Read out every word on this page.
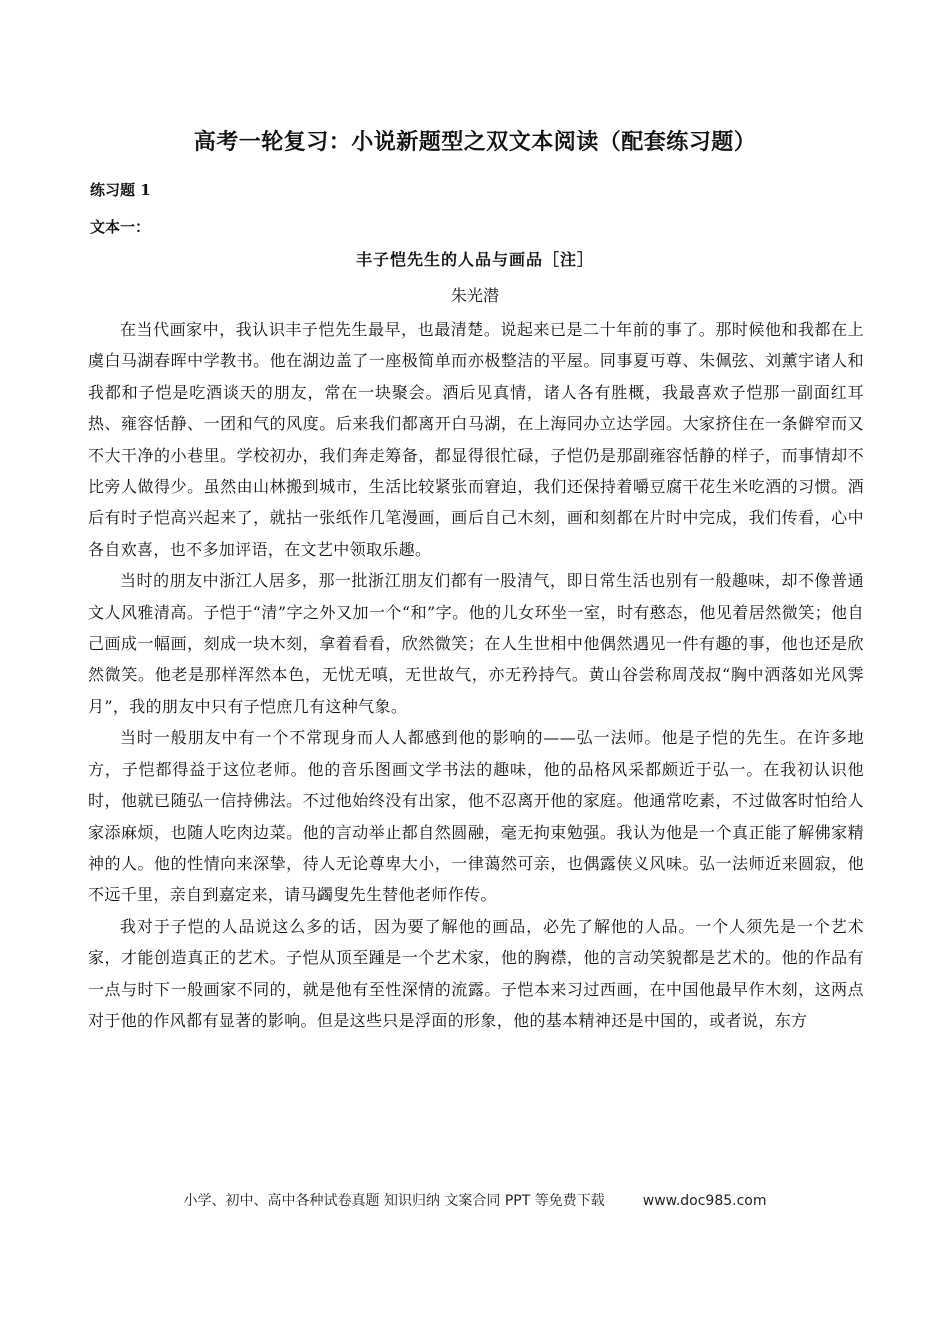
高考一轮复习：小说新题型之双文本阅读（配套练习题）
练习题 1
文本一：
丰子恺先生的人品与画品［注］
朱光潜

在当代画家中，我认识丰子恺先生最早，也最清楚。说起来已是二十年前的事了。那时候他和我都在上虞白马湖春晖中学教书。他在湖边盖了一座极简单而亦极整洁的平屋。同事夏丏尊、朱佩弦、刘薰宇诸人和我都和子恺是吃酒谈天的朋友，常在一块聚会。酒后见真情，诸人各有胜概，我最喜欢子恺那一副面红耳热、雍容恬静、一团和气的风度。后来我们都离开白马湖，在上海同办立达学园。大家挤住在一条僻窄而又不大干净的小巷里。学校初办，我们奔走筹备，都显得很忙碌，子恺仍是那副雍容恬静的样子，而事情却不比旁人做得少。虽然由山林搬到城市，生活比较紧张而窘迫，我们还保持着嚼豆腐干花生米吃酒的习惯。酒后有时子恺高兴起来了，就拈一张纸作几笔漫画，画后自己木刻，画和刻都在片时中完成，我们传看，心中各自欢喜，也不多加评语，在文艺中领取乐趣。

当时的朋友中浙江人居多，那一批浙江朋友们都有一股清气，即日常生活也别有一般趣味，却不像普通文人风雅清高。子恺于“清”字之外又加一个“和”字。他的儿女环坐一室，时有憨态，他见着居然微笑；他自己画成一幅画，刻成一块木刻，拿着看看，欣然微笑；在人生世相中他偶然遇见一件有趣的事，他也还是欣然微笑。他老是那样浑然本色，无忧无嗔，无世故气，亦无矜持气。黄山谷尝称周茂叔“胸中洒落如光风霁月”，我的朋友中只有子恺庶几有这种气象。

当时一般朋友中有一个不常现身而人人都感到他的影响的——弘一法师。他是子恺的先生。在许多地方，子恺都得益于这位老师。他的音乐图画文学书法的趣味，他的品格风采都颇近于弘一。在我初认识他时，他就已随弘一信持佛法。不过他始终没有出家，他不忍离开他的家庭。他通常吃素，不过做客时怕给人家添麻烦，也随人吃肉边菜。他的言动举止都自然圆融，毫无拘束勉强。我认为他是一个真正能了解佛家精神的人。他的性情向来深挚，待人无论尊卑大小，一律蔼然可亲，也偶露侠义风味。弘一法师近来圆寂，他不远千里，亲自到嘉定来，请马蠲叟先生替他老师作传。

我对于子恺的人品说这么多的话，因为要了解他的画品，必先了解他的人品。一个人须先是一个艺术家，才能创造真正的艺术。子恺从顶至踵是一个艺术家，他的胸襟，他的言动笑貌都是艺术的。他的作品有一点与时下一般画家不同的，就是他有至性深情的流露。子恺本来习过西画，在中国他最早作木刻，这两点对于他的作风都有显著的影响。但是这些只是浮面的形象，他的基本精神还是中国的，或者说，东方

小学、初中、高中各种试卷真题 知识归纳 文案合同 PPT 等免费下载	www.doc985.com
